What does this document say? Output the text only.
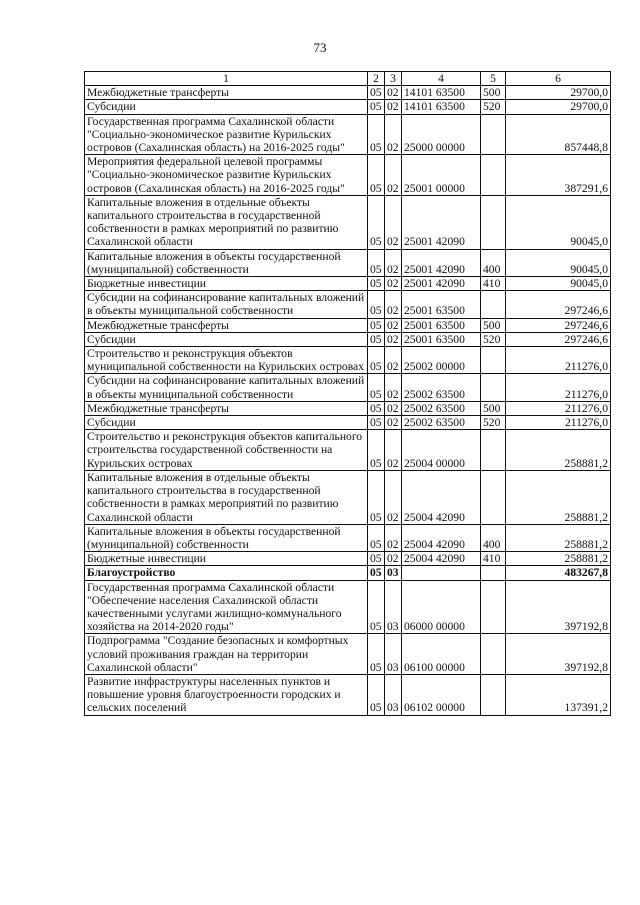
73
1	2	3	4	5	6
Межбюджетные трансферты	05	02	14101 63500	500	29700,0
Субсидии	05	02	14101 63500	520	29700,0
Государственная программа Сахалинской области "Социально-экономическое развитие Курильских островов (Сахалинская область) на 2016-2025 годы"	05	02	25000 00000		857448,8
Мероприятия федеральной целевой программы "Социально-экономическое развитие Курильских островов (Сахалинская область) на 2016-2025 годы"	05	02	25001 00000		387291,6
Капитальные вложения в отдельные объекты капитального строительства в государственной собственности в рамках мероприятий по развитию Сахалинской области	05	02	25001 42090		90045,0
Капитальные вложения в объекты государственной (муниципальной) собственности	05	02	25001 42090	400	90045,0
Бюджетные инвестиции	05	02	25001 42090	410	90045,0
Субсидии на софинансирование капитальных вложений в объекты муниципальной собственности	05	02	25001 63500		297246,6
Межбюджетные трансферты	05	02	25001 63500	500	297246,6
Субсидии	05	02	25001 63500	520	297246,6
Строительство и реконструкция объектов муниципальной собственности на Курильских островах	05	02	25002 00000		211276,0
Субсидии на софинансирование капитальных вложений в объекты муниципальной собственности	05	02	25002 63500		211276,0
Межбюджетные трансферты	05	02	25002 63500	500	211276,0
Субсидии	05	02	25002 63500	520	211276,0
Строительство и реконструкция объектов капитального строительства государственной собственности на Курильских островах	05	02	25004 00000		258881,2
Капитальные вложения в отдельные объекты капитального строительства в государственной собственности в рамках мероприятий по развитию Сахалинской области	05	02	25004 42090		258881,2
Капитальные вложения в объекты государственной (муниципальной) собственности	05	02	25004 42090	400	258881,2
Бюджетные инвестиции	05	02	25004 42090	410	258881,2
Благоустройство	05	03			483267,8
Государственная программа Сахалинской области "Обеспечение населения Сахалинской области качественными услугами жилищно-коммунального хозяйства на 2014-2020 годы"	05	03	06000 00000		397192,8
Подпрограмма "Создание безопасных и комфортных условий проживания граждан на территории Сахалинской области"	05	03	06100 00000		397192,8
Развитие инфраструктуры населенных пунктов и повышение уровня благоустроенности городских и сельских поселений	05	03	06102 00000		137391,2
